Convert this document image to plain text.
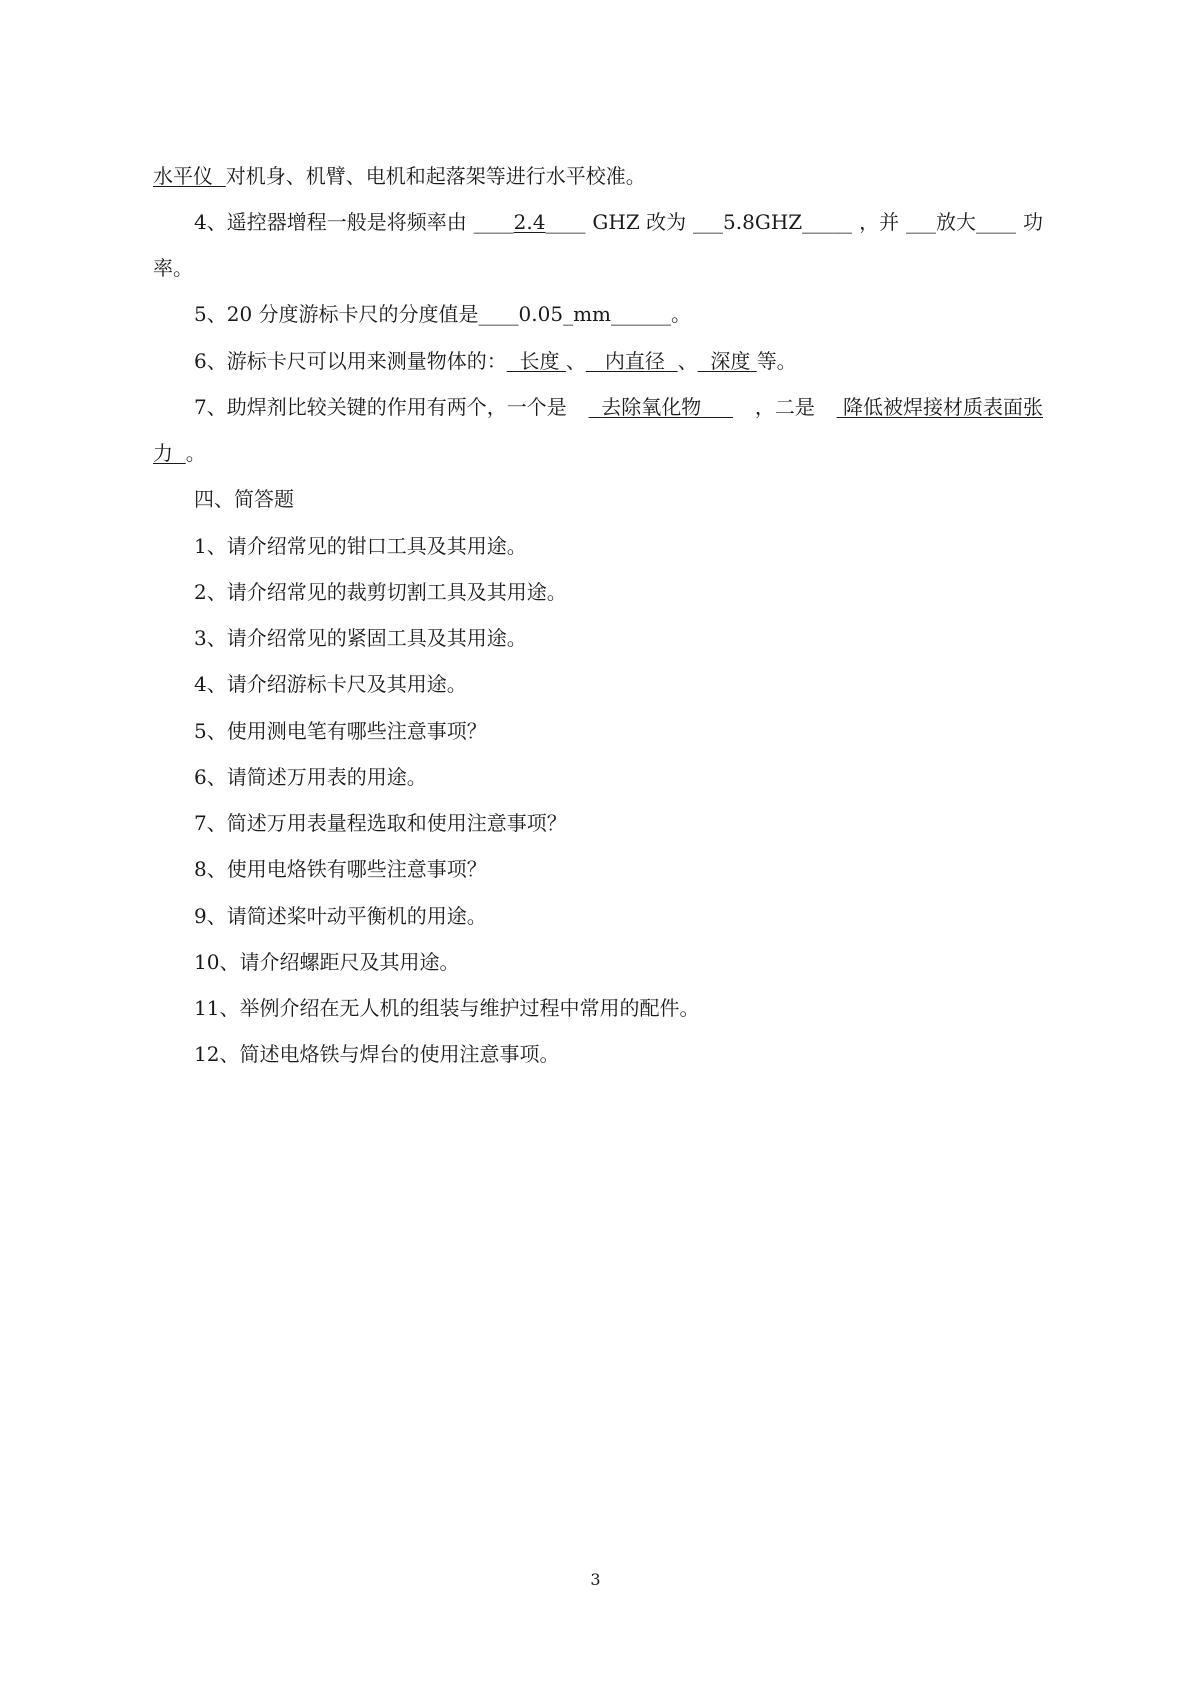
水平仪 对机身、机臂、电机和起落架等进行水平校准。
4、遥控器增程一般是将频率由 ____2.4____ GHZ 改为 ___5.8GHZ_____ ，并 ___放大____ 功
率。
5、20 分度游标卡尺的分度值是____0.05_mm______。
6、游标卡尺可以用来测量物体的： 长度 、 内直径 、 深度 等。
7、助焊剂比较关键的作用有两个，一个是	去除氧化物	，二是	降低被焊接材质表面张
力 。
四、简答题
1、请介绍常见的钳口工具及其用途。
2、请介绍常见的裁剪切割工具及其用途。
3、请介绍常见的紧固工具及其用途。
4、请介绍游标卡尺及其用途。
5、使用测电笔有哪些注意事项？
6、请简述万用表的用途。
7、简述万用表量程选取和使用注意事项？
8、使用电烙铁有哪些注意事项？
9、请简述桨叶动平衡机的用途。
10、请介绍螺距尺及其用途。
11、举例介绍在无人机的组装与维护过程中常用的配件。
12、简述电烙铁与焊台的使用注意事项。
3
